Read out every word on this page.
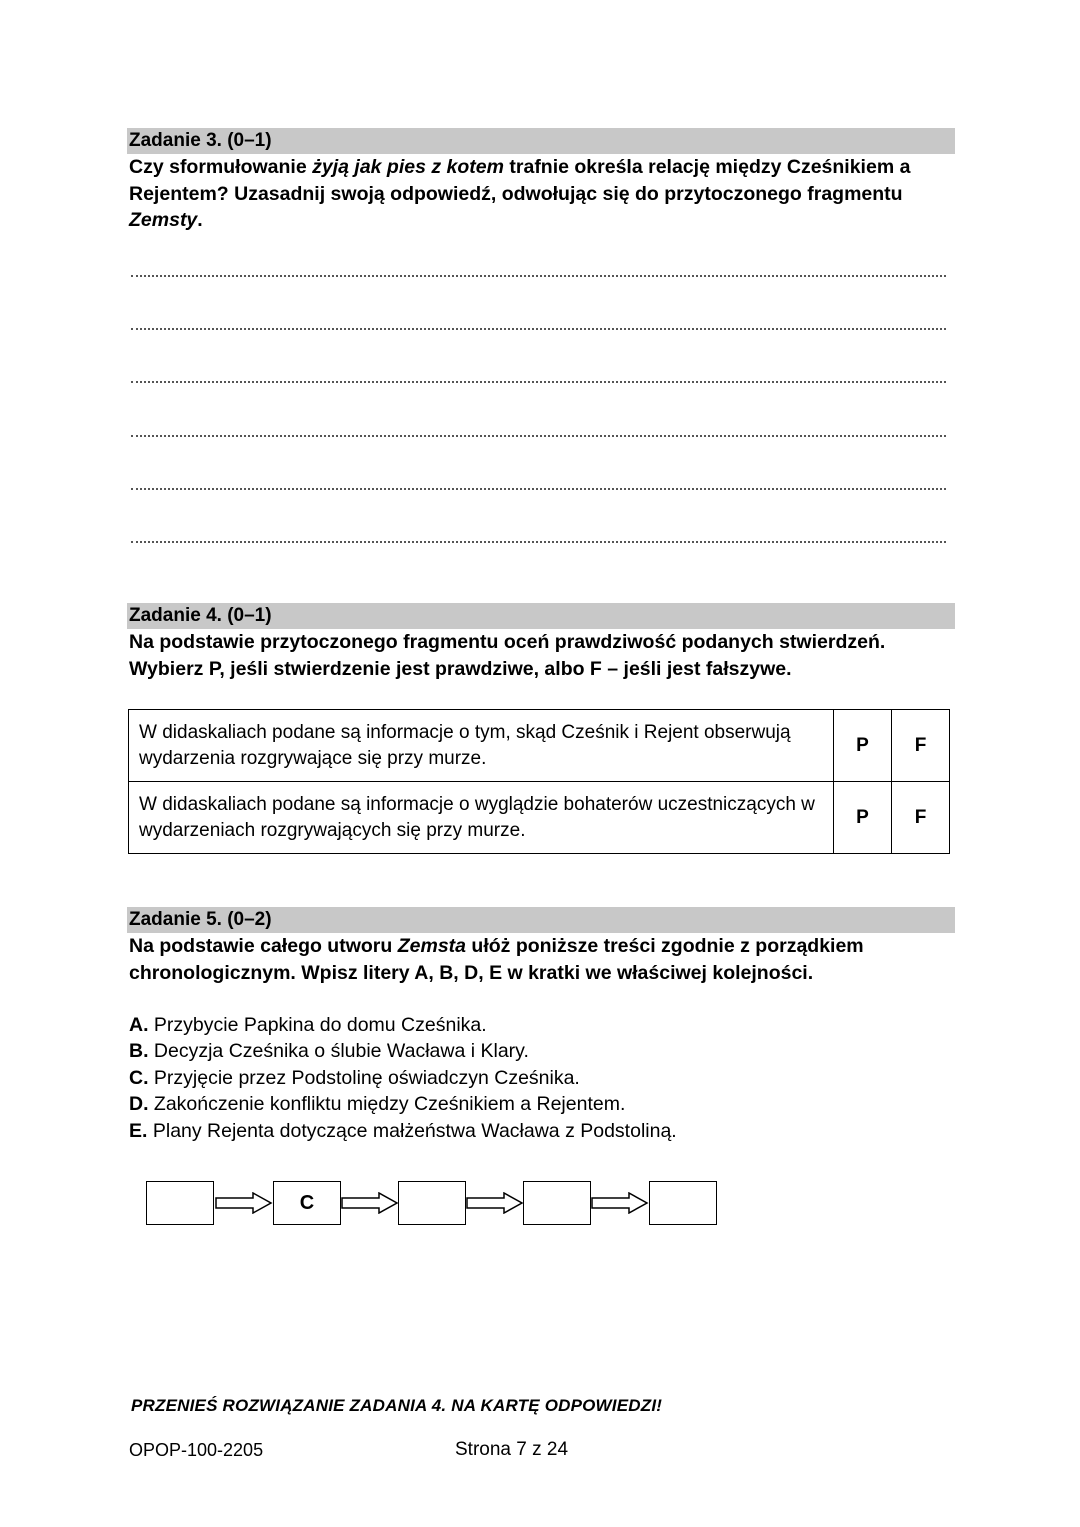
Zadanie 3. (0–1)
Czy sformułowanie żyją jak pies z kotem trafnie określa relację między Cześnikiem a Rejentem? Uzasadnij swoją odpowiedź, odwołując się do przytoczonego fragmentu Zemsty.
Zadanie 4. (0–1)
Na podstawie przytoczonego fragmentu oceń prawdziwość podanych stwierdzeń.
Wybierz P, jeśli stwierdzenie jest prawdziwe, albo F – jeśli jest fałszywe.
W didaskaliach podane są informacje o tym, skąd Cześnik i Rejent obserwują wydarzenia rozgrywające się przy murze.	P	F
W didaskaliach podane są informacje o wyglądzie bohaterów uczestniczących w wydarzeniach rozgrywających się przy murze.	P	F
Zadanie 5. (0–2)
Na podstawie całego utworu Zemsta ułóż poniższe treści zgodnie z porządkiem chronologicznym. Wpisz litery A, B, D, E w kratki we właściwej kolejności.
A. Przybycie Papkina do domu Cześnika.
B. Decyzja Cześnika o ślubie Wacława i Klary.
C. Przyjęcie przez Podstolinę oświadczyn Cześnika.
D. Zakończenie konfliktu między Cześnikiem a Rejentem.
E. Plany Rejenta dotyczące małżeństwa Wacława z Podstoliną.
C
PRZENIEŚ ROZWIĄZANIE ZADANIA 4. NA KARTĘ ODPOWIEDZI!
OPOP-100-2205	Strona 7 z 24
